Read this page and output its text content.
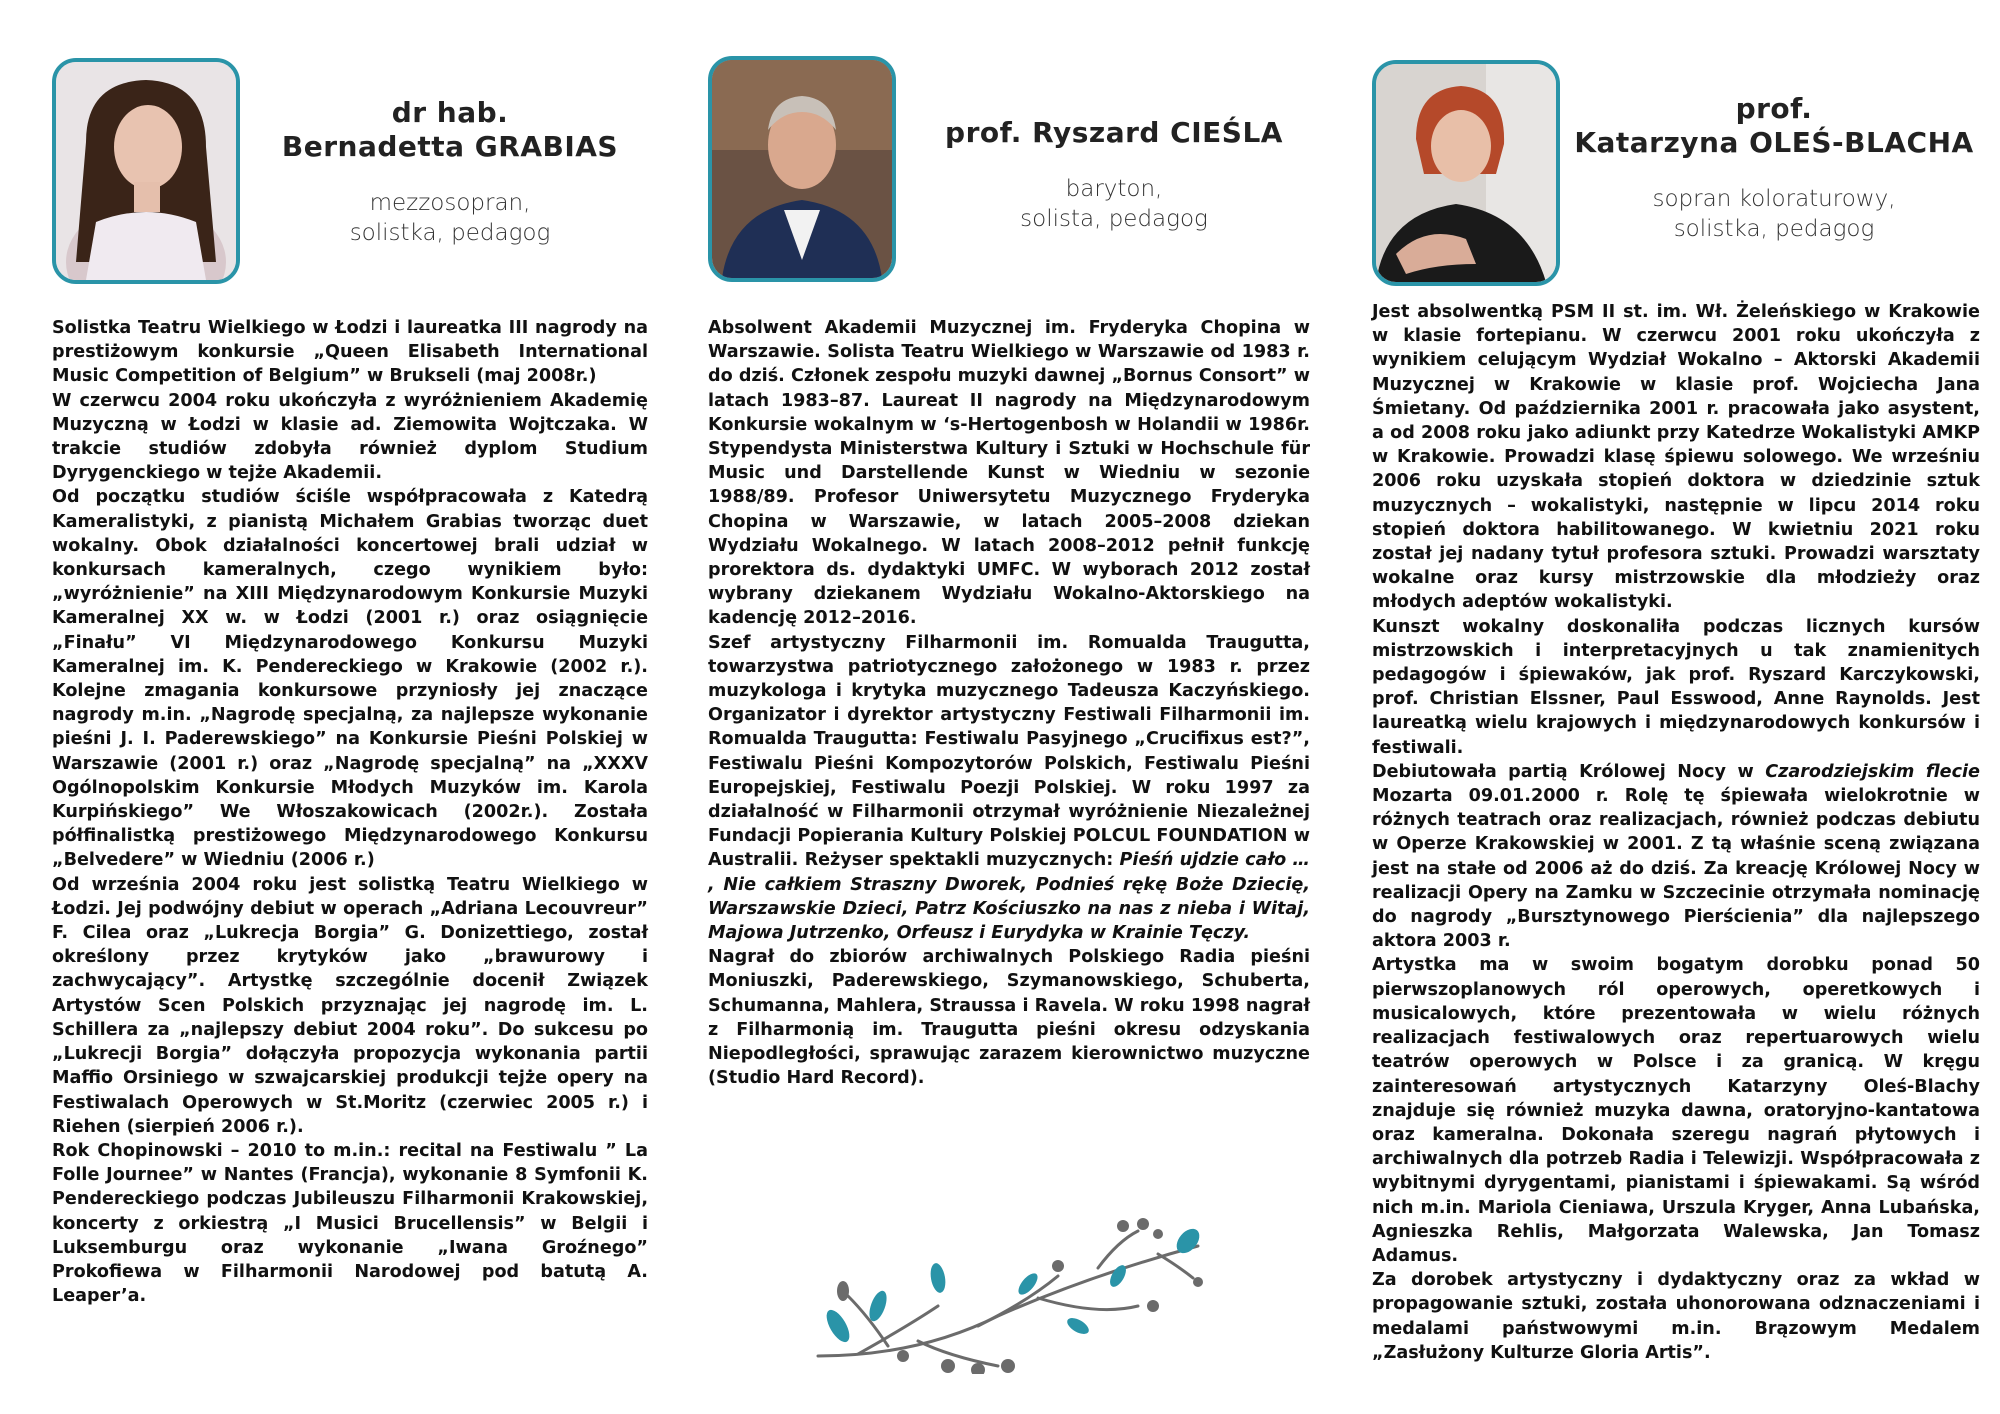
dr hab.

Bernadetta GRABIAS

mezzosopran,
solistka, pedagog

Solistka Teatru Wielkiego w Łodzi i laureatka III nagrody na prestiżowym konkursie „Queen Elisabeth International Music Competition of Belgium” w Brukseli (maj 2008r.)

W czerwcu 2004 roku ukończyła z wyróżnieniem Akademię Muzyczną w Łodzi w klasie ad. Ziemowita Wojtczaka. W trakcie studiów zdobyła również dyplom Studium Dyrygenckiego w tejże Akademii.

Od początku studiów ściśle współpracowała z Katedrą Kameralistyki, z pianistą Michałem Grabias tworząc duet wokalny. Obok działalności koncertowej brali udział w konkursach kameralnych, czego wynikiem było: „wyróżnienie” na XIII Międzynarodowym Konkursie Muzyki Kameralnej XX w. w Łodzi (2001 r.) oraz osiągnięcie „Finału” VI Międzynarodowego Konkursu Muzyki Kameralnej im. K. Pendereckiego w Krakowie (2002 r.). Kolejne zmagania konkursowe przyniosły jej znaczące nagrody m.in. „Nagrodę specjalną, za najlepsze wykonanie pieśni J. I. Paderewskiego” na Konkursie Pieśni Polskiej w Warszawie (2001 r.) oraz „Nagrodę specjalną” na „XXXV Ogólnopolskim Konkursie Młodych Muzyków im. Karola Kurpińskiego” We Włoszakowicach (2002r.). Została półfinalistką prestiżowego Międzynarodowego Konkursu „Belvedere” w Wiedniu (2006 r.)

Od września 2004 roku jest solistką Teatru Wielkiego w Łodzi. Jej podwójny debiut w operach „Adriana Lecouvreur” F. Cilea oraz „Lukrecja Borgia” G. Donizettiego, został określony przez krytyków jako „brawurowy i zachwycający”. Artystkę szczególnie docenił Związek Artystów Scen Polskich przyznając jej nagrodę im. L. Schillera za „najlepszy debiut 2004 roku”. Do sukcesu po „Lukrecji Borgia” dołączyła propozycja wykonania partii Maffio Orsiniego w szwajcarskiej produkcji tejże opery na Festiwalach Operowych w St.Moritz (czerwiec 2005 r.) i Riehen (sierpień 2006 r.).

Rok Chopinowski – 2010 to m.in.: recital na Festiwalu ” La Folle Journee” w Nantes (Francja), wykonanie 8 Symfonii K. Pendereckiego podczas Jubileuszu Filharmonii Krakowskiej, koncerty z orkiestrą „I Musici Brucellensis” w Belgii i Luksemburgu oraz wykonanie „Iwana Groźnego” Prokofiewa w Filharmonii Narodowej pod batutą A. Leaper’a.

prof. Ryszard CIEŚLA

baryton,
solista, pedagog

Absolwent Akademii Muzycznej im. Fryderyka Chopina w Warszawie. Solista Teatru Wielkiego w Warszawie od 1983 r. do dziś. Członek zespołu muzyki dawnej „Bornus Consort” w latach 1983–87. Laureat II nagrody na Międzynarodowym Konkursie wokalnym w ‘s-Hertogenbosh w Holandii w 1986r. Stypendysta Ministerstwa Kultury i Sztuki w Hochschule für Music und Darstellende Kunst w Wiedniu w sezonie 1988/89. Profesor Uniwersytetu Muzycznego Fryderyka Chopina w Warszawie, w latach 2005–2008 dziekan Wydziału Wokalnego. W latach 2008–2012 pełnił funkcję prorektora ds. dydaktyki UMFC. W wyborach 2012 został wybrany dziekanem Wydziału Wokalno-Aktorskiego na kadencję 2012–2016.

Szef artystyczny Filharmonii im. Romualda Traugutta, towarzystwa patriotycznego założonego w 1983 r. przez muzykologa i krytyka muzycznego Tadeusza Kaczyńskiego. Organizator i dyrektor artystyczny Festiwali Filharmonii im. Romualda Traugutta: Festiwalu Pasyjnego „Crucifixus est?”, Festiwalu Pieśni Kompozytorów Polskich, Festiwalu Pieśni Europejskiej, Festiwalu Poezji Polskiej. W roku 1997 za działalność w Filharmonii otrzymał wyróżnienie Niezależnej Fundacji Popierania Kultury Polskiej POLCUL FOUNDATION w Australii. Reżyser spektakli muzycznych: Pieśń ujdzie cało … , Nie całkiem Straszny Dworek, Podnieś rękę Boże Dziecię, Warszawskie Dzieci, Patrz Kościuszko na nas z nieba i Witaj, Majowa Jutrzenko, Orfeusz i Eurydyka w Krainie Tęczy.

Nagrał do zbiorów archiwalnych Polskiego Radia pieśni Moniuszki, Paderewskiego, Szymanowskiego, Schuberta, Schumanna, Mahlera, Straussa i Ravela. W roku 1998 nagrał z Filharmonią im. Traugutta pieśni okresu odzyskania Niepodległości, sprawując zarazem kierownictwo muzyczne (Studio Hard Record).

prof.

Katarzyna OLEŚ-BLACHA

sopran koloraturowy,
solistka, pedagog

Jest absolwentką PSM II st. im. Wł. Żeleńskiego w Krakowie w klasie fortepianu. W czerwcu 2001 roku ukończyła z wynikiem celującym Wydział Wokalno – Aktorski Akademii Muzycznej w Krakowie w klasie prof. Wojciecha Jana Śmietany. Od października 2001 r. pracowała jako asystent, a od 2008 roku jako adiunkt przy Katedrze Wokalistyki AMKP w Krakowie. Prowadzi klasę śpiewu solowego. We wrześniu 2006 roku uzyskała stopień doktora w dziedzinie sztuk muzycznych – wokalistyki, następnie w lipcu 2014 roku stopień doktora habilitowanego. W kwietniu 2021 roku został jej nadany tytuł profesora sztuki. Prowadzi warsztaty wokalne oraz kursy mistrzowskie dla młodzieży oraz młodych adeptów wokalistyki.

Kunszt wokalny doskonaliła podczas licznych kursów mistrzowskich i interpretacyjnych u tak znamienitych pedagogów i śpiewaków, jak prof. Ryszard Karczykowski, prof. Christian Elssner, Paul Esswood, Anne Raynolds. Jest laureatką wielu krajowych i międzynarodowych konkursów i festiwali.

Debiutowała partią Królowej Nocy w Czarodziejskim flecie Mozarta 09.01.2000 r. Rolę tę śpiewała wielokrotnie w różnych teatrach oraz realizacjach, również podczas debiutu w Operze Krakowskiej w 2001. Z tą właśnie sceną związana jest na stałe od 2006 aż do dziś. Za kreację Królowej Nocy w realizacji Opery na Zamku w Szczecinie otrzymała nominację do nagrody „Bursztynowego Pierścienia” dla najlepszego aktora 2003 r.

Artystka ma w swoim bogatym dorobku ponad 50 pierwszoplanowych ról operowych, operetkowych i musicalowych, które prezentowała w wielu różnych realizacjach festiwalowych oraz repertuarowych wielu teatrów operowych w Polsce i za granicą. W kręgu zainteresowań artystycznych Katarzyny Oleś-Blachy znajduje się również muzyka dawna, oratoryjno-kantatowa oraz kameralna. Dokonała szeregu nagrań płytowych i archiwalnych dla potrzeb Radia i Telewizji. Współpracowała z wybitnymi dyrygentami, pianistami i śpiewakami. Są wśród nich m.in. Mariola Cieniawa, Urszula Kryger, Anna Lubańska, Agnieszka Rehlis, Małgorzata Walewska, Jan Tomasz Adamus.

Za dorobek artystyczny i dydaktyczny oraz za wkład w propagowanie sztuki, została uhonorowana odznaczeniami i medalami państwowymi m.in. Brązowym Medalem „Zasłużony Kulturze Gloria Artis”.
